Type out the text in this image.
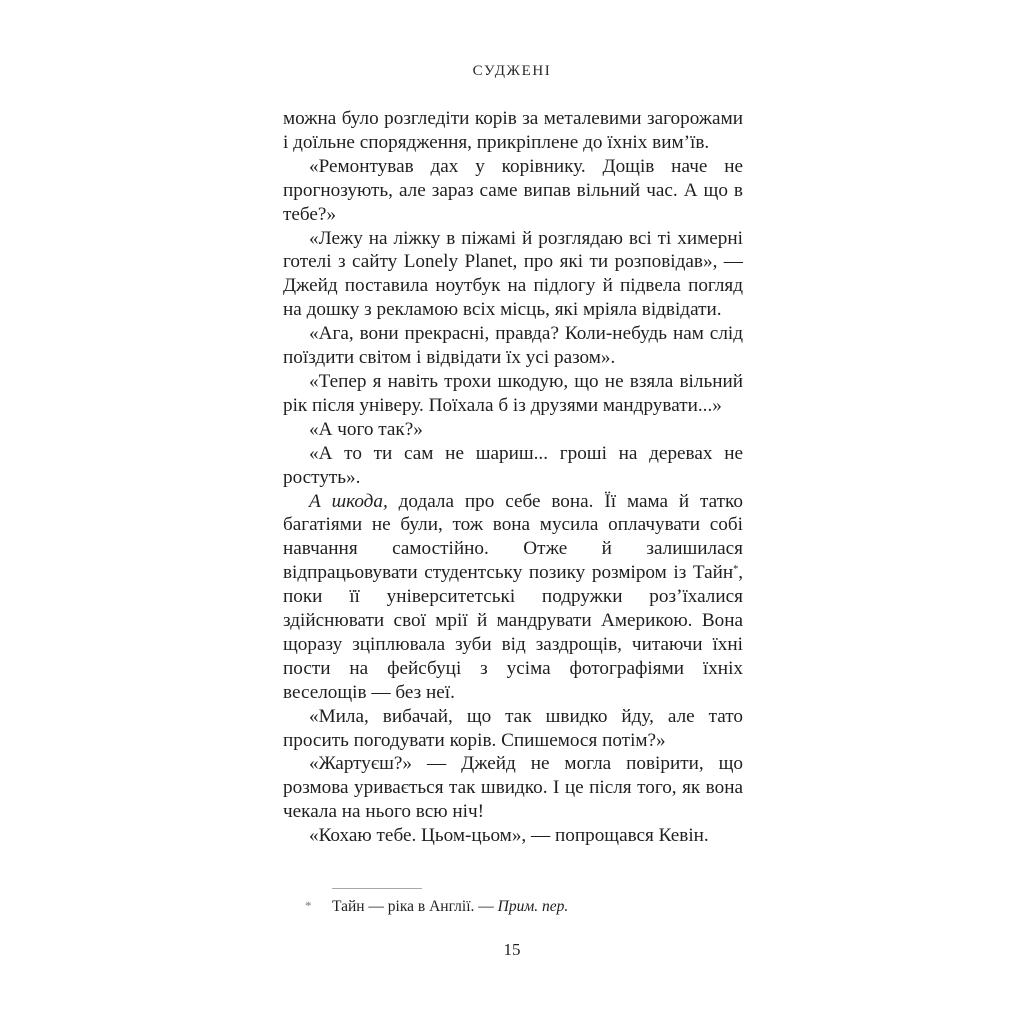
СУДЖЕНІ

можна було розгледіти корів за металевими загорожами і доїльне спорядження, прикріплене до їхніх вим’їв.

«Ремонтував дах у корівнику. Дощів наче не прогнозують, але зараз саме випав вільний час. А що в тебе?»

«Лежу на ліжку в піжамі й розглядаю всі ті химерні готелі з сайту Lonely Planet, про які ти розповідав», — Джейд поставила ноутбук на підлогу й підвела погляд на дошку з рекламою всіх місць, які мріяла відвідати.

«Ага, вони прекрасні, правда? Коли-небудь нам слід поїздити світом і відвідати їх усі разом».

«Тепер я навіть трохи шкодую, що не взяла вільний рік після універу. Поїхала б із друзями мандрувати...»

«А чого так?»

«А то ти сам не шариш... гроші на деревах не ростуть».

А шкода, додала про себе вона. Її мама й татко багатіями не були, тож вона мусила оплачувати собі навчання самостійно. Отже й залишилася відпрацьовувати студентську позику розміром із Тайн*, поки її університетські подружки роз’їхалися здійснювати свої мрії й мандрувати Америкою. Вона щоразу зціплювала зуби від заздрощів, читаючи їхні пости на фейсбуці з усіма фотографіями їхніх веселощів — без неї.

«Мила, вибачай, що так швидко йду, але тато просить погодувати корів. Спишемося потім?»

«Жартуєш?» — Джейд не могла повірити, що розмова уривається так швидко. І це після того, як вона чекала на нього всю ніч!

«Кохаю тебе. Цьом-цьом», — попрощався Кевін.

* Тайн — ріка в Англії. — Прим. пер.
15
